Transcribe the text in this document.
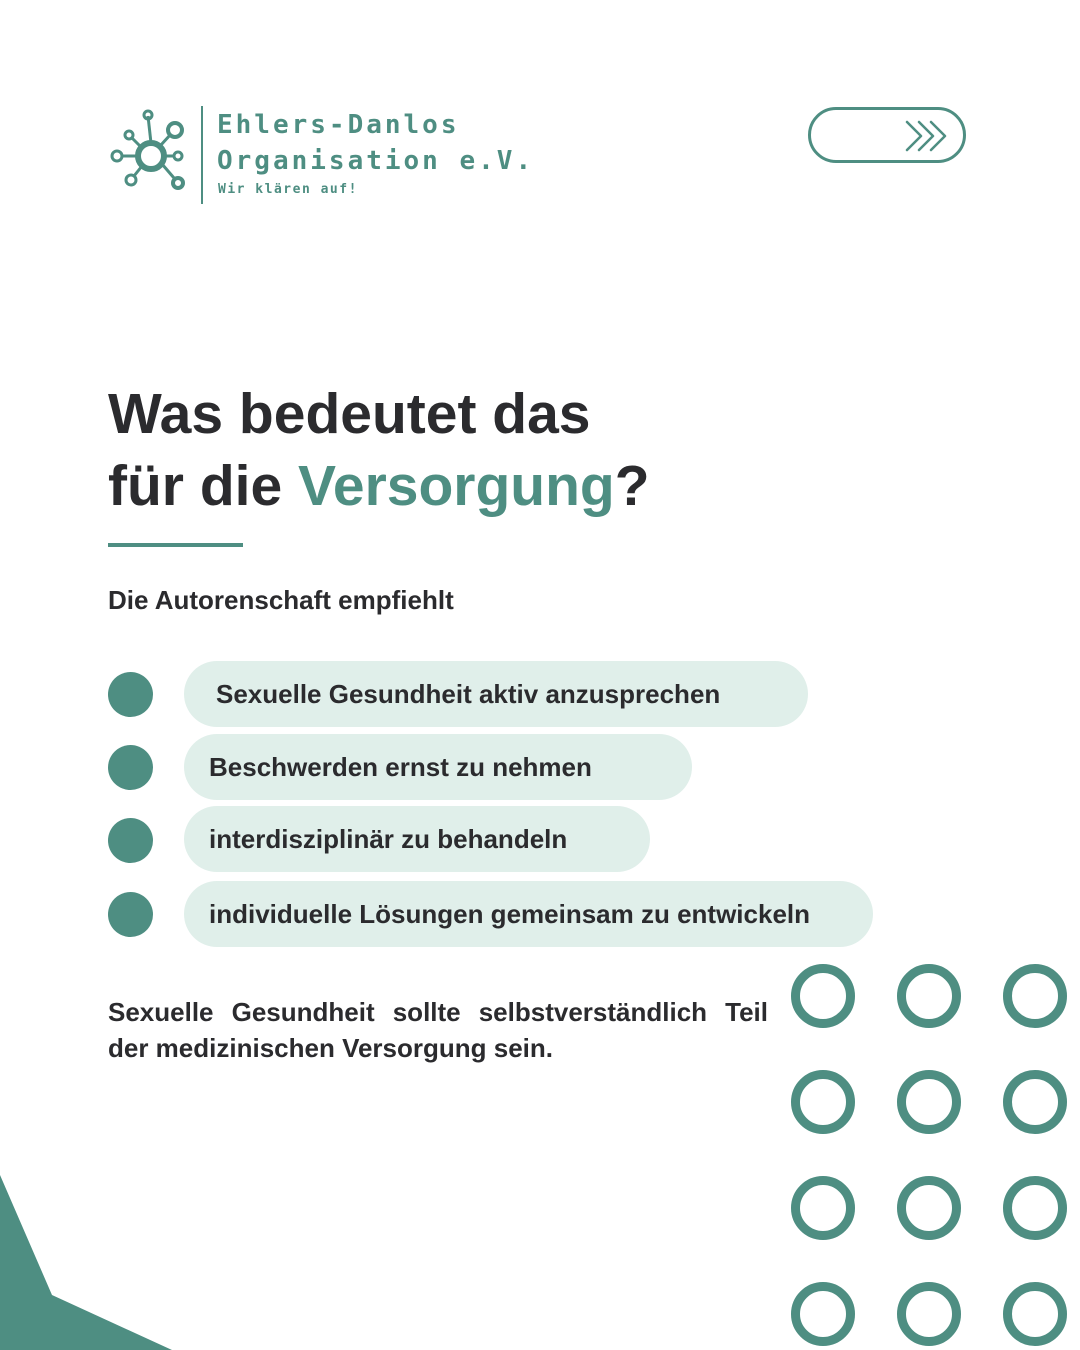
Ehlers-Danlos
Organisation e.V.
Wir klären auf!
Was bedeutet das
für die Versorgung?
Die Autorenschaft empfiehlt
Sexuelle Gesundheit aktiv anzusprechen
Beschwerden ernst zu nehmen
interdisziplinär zu behandeln
individuelle Lösungen gemeinsam zu entwickeln

Sexuelle Gesundheit sollte selbstverständlich Teil der medizinischen Versorgung sein.
